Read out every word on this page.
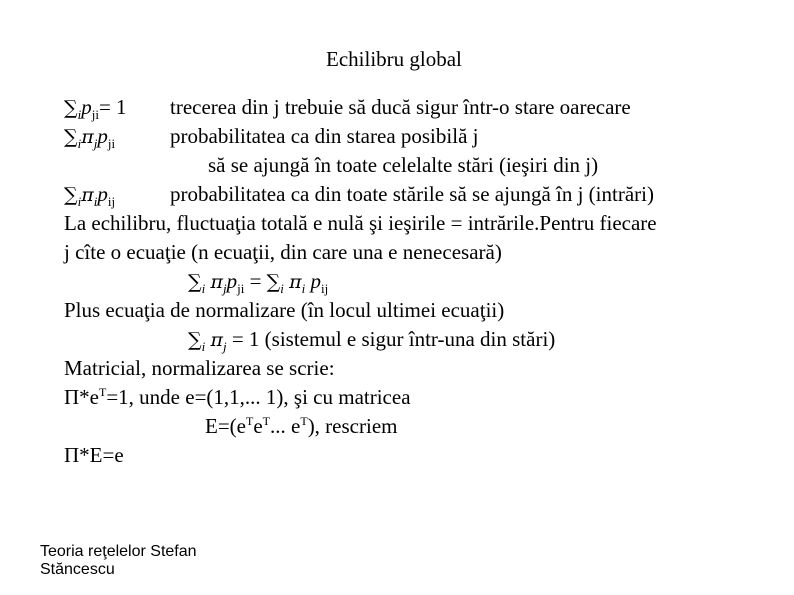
Echilibru global
$\sum_ip_{ji}= 1$ trecerea din j trebuie să ducă sigur într-o stare oarecare
$\sum_i\pi_jp_{ji}$	probabilitatea ca din starea posibilă j
să se ajungă în toate celelalte stări (ieşiri din j)
$\sum_i\pi_ip_{ij}$	probabilitatea ca din toate stările să se ajungă în j (intrări)
La echilibru, fluctuaţia totală e nulă şi ieşirile = intrările.Pentru fiecare
j cîte o ecuaţie (n ecuaţii, din care una e nenecesară)
$\sum_i$ $\pi_jp_{ji} = \sum_i$ $\pi_i$ $p_{ij}$
Plus ecuaţia de normalizare (în locul ultimei ecuaţii)
$\sum_i$ $\pi_j = 1$ (sistemul e sigur într-una din stări)
Matricial, normalizarea se scrie:
$\Pi*e^T=1$, unde e=(1,1,... 1), şi cu matricea
$E=(e^Te^T$... $e^T$), rescriem
Π*E=e
Teoria reţelelor Stefan Stăncescu
